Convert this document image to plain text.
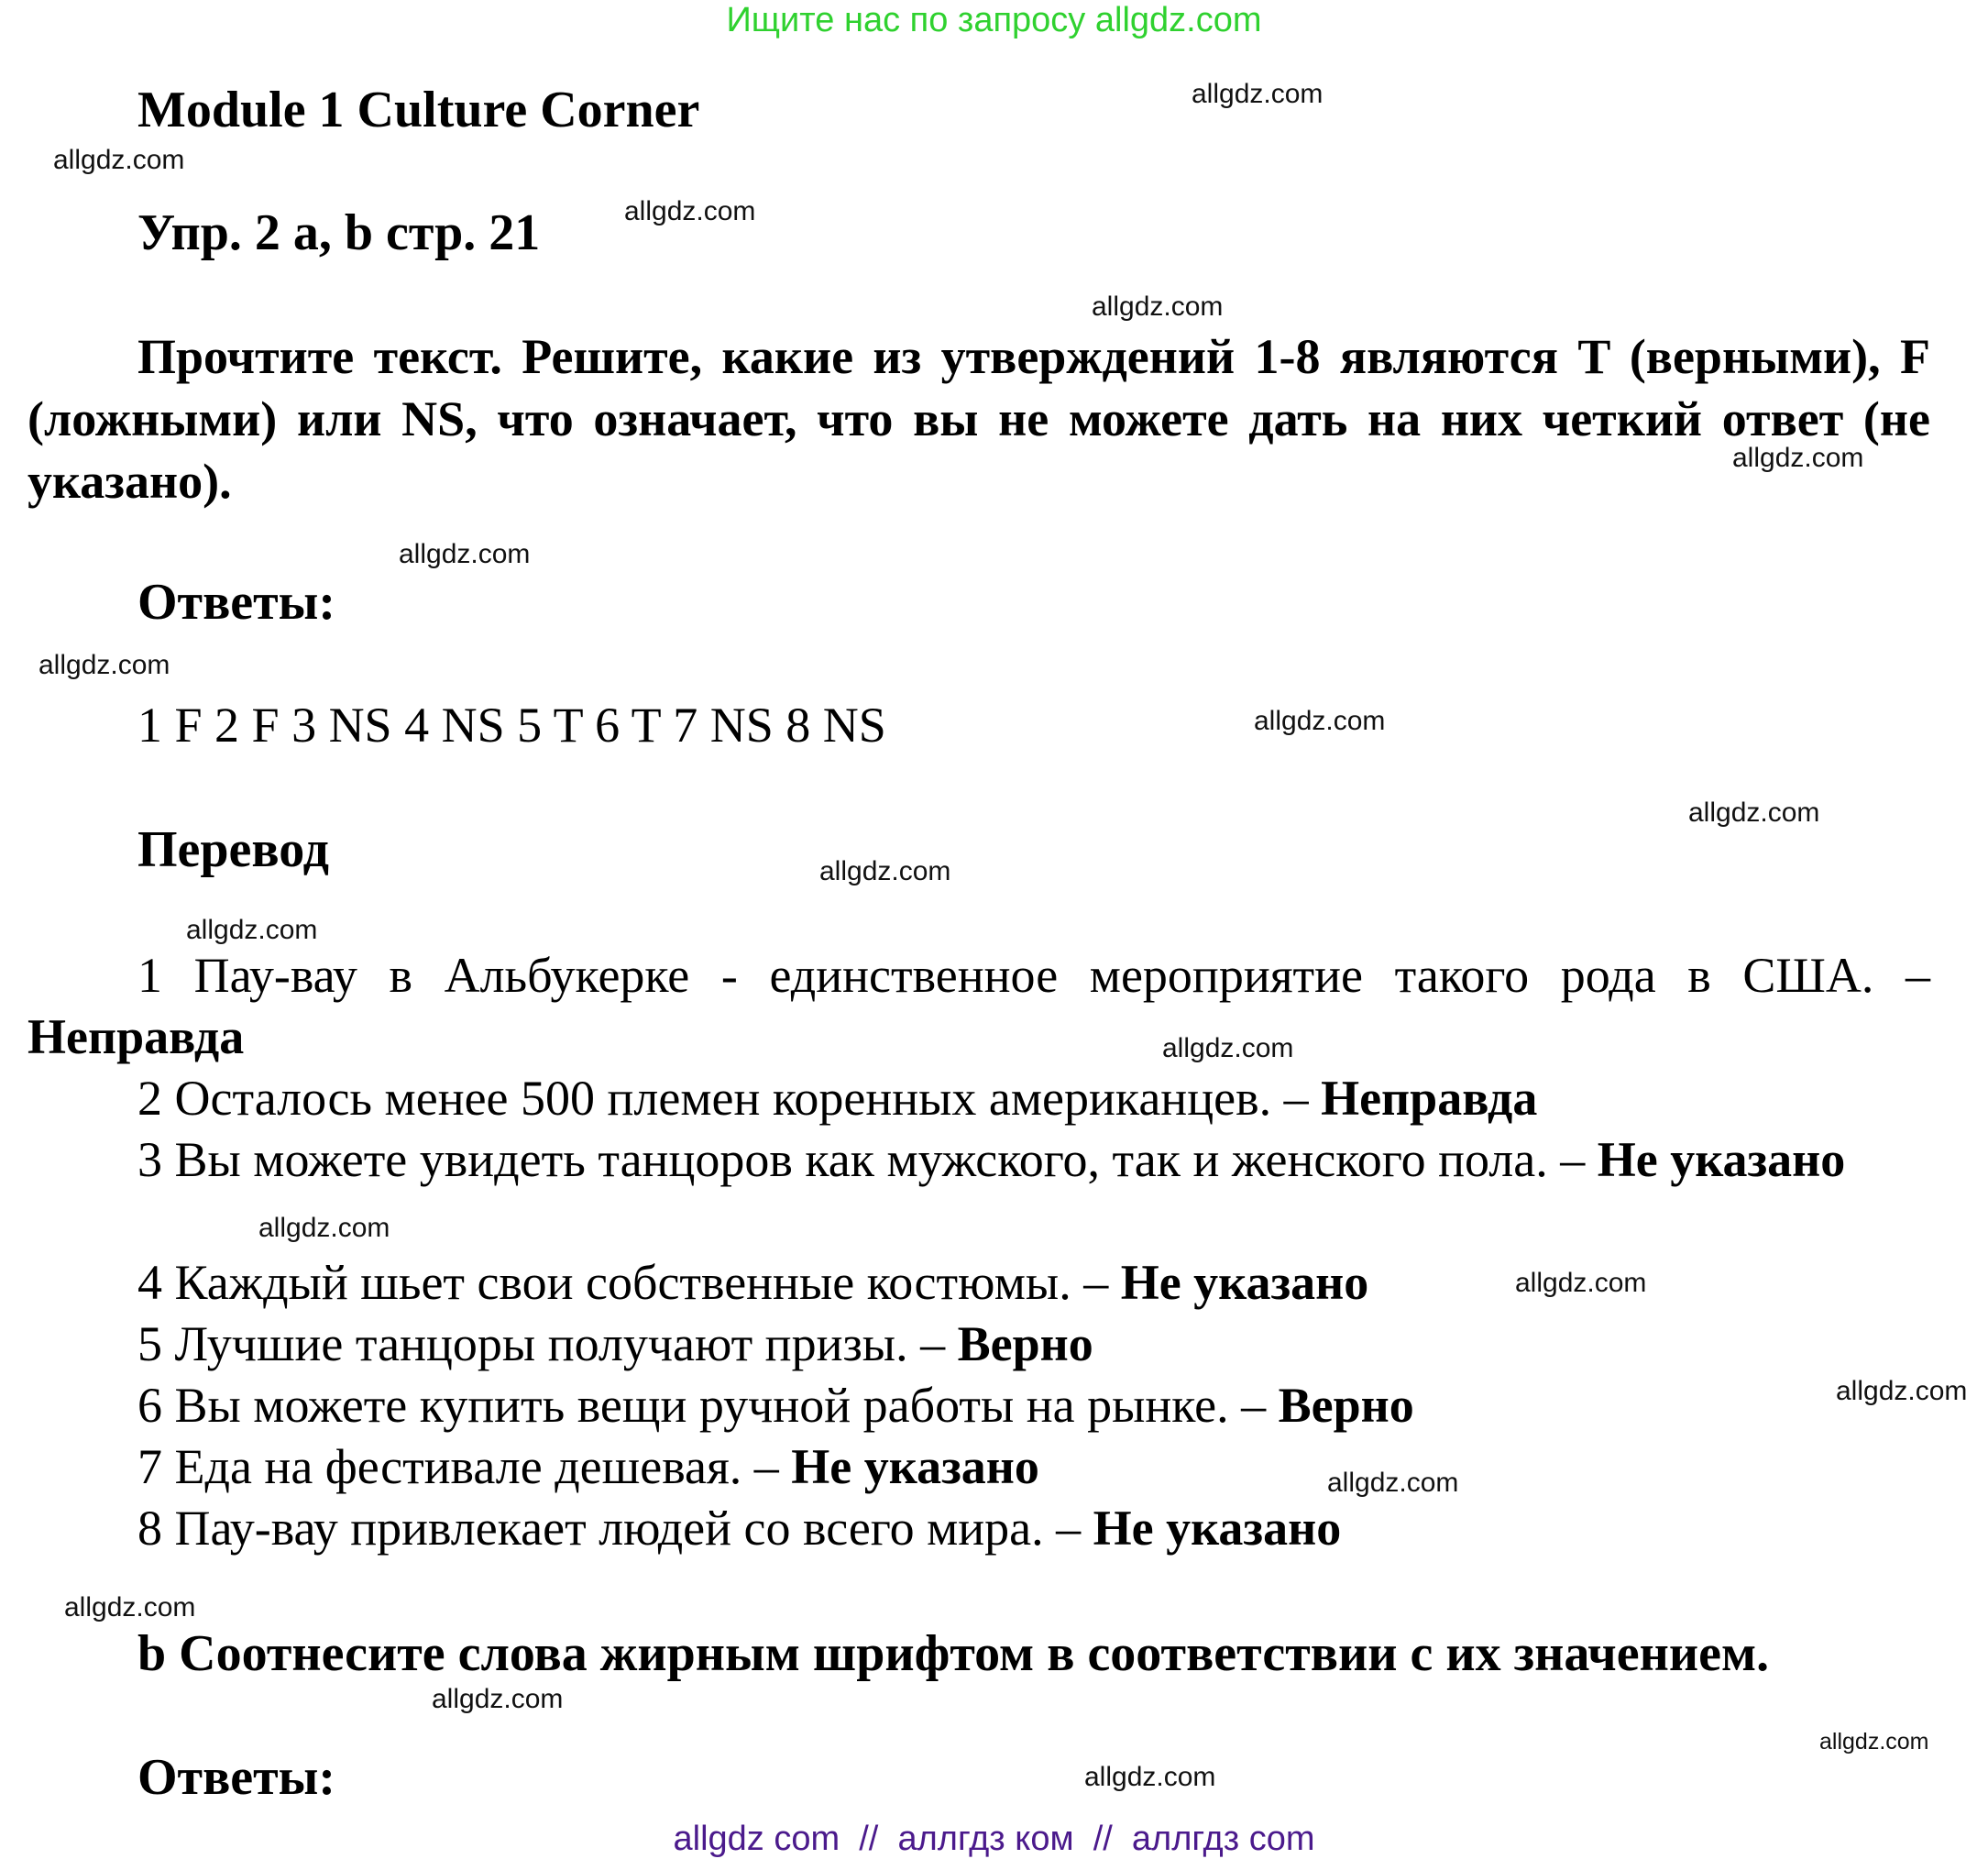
Ищите нас по запросу allgdz.com
Module 1 Culture Corner
Упр. 2 a, b стр. 21
Прочтите текст. Решите, какие из утверждений 1-8 являются T (верными), F (ложными) или NS, что означает, что вы не можете дать на них четкий ответ (не указано).
Ответы:
1 F 2 F 3 NS 4 NS 5 T 6 T 7 NS 8 NS
Перевод
1 Пау-вау в Альбукерке - единственное мероприятие такого рода в США. – Неправда
2 Осталось менее 500 племен коренных американцев. – Неправда
3 Вы можете увидеть танцоров как мужского, так и женского пола. – Не указано
4 Каждый шьет свои собственные костюмы. – Не указано
5 Лучшие танцоры получают призы. – Верно
6 Вы можете купить вещи ручной работы на рынке. – Верно
7 Еда на фестивале дешевая. – Не указано
8 Пау-вау привлекает людей со всего мира. – Не указано
b Соотнесите слова жирным шрифтом в соответствии с их значением.
Ответы:
allgdz.com
allgdz.com
allgdz.com
allgdz.com
allgdz.com
allgdz.com
allgdz.com
allgdz.com
allgdz.com
allgdz.com
allgdz.com
allgdz.com
allgdz.com
allgdz.com
allgdz.com
allgdz.com
allgdz.com
allgdz.com
allgdz.com
allgdz.com
allgdz com  //  аллгдз ком  //  аллгдз com
